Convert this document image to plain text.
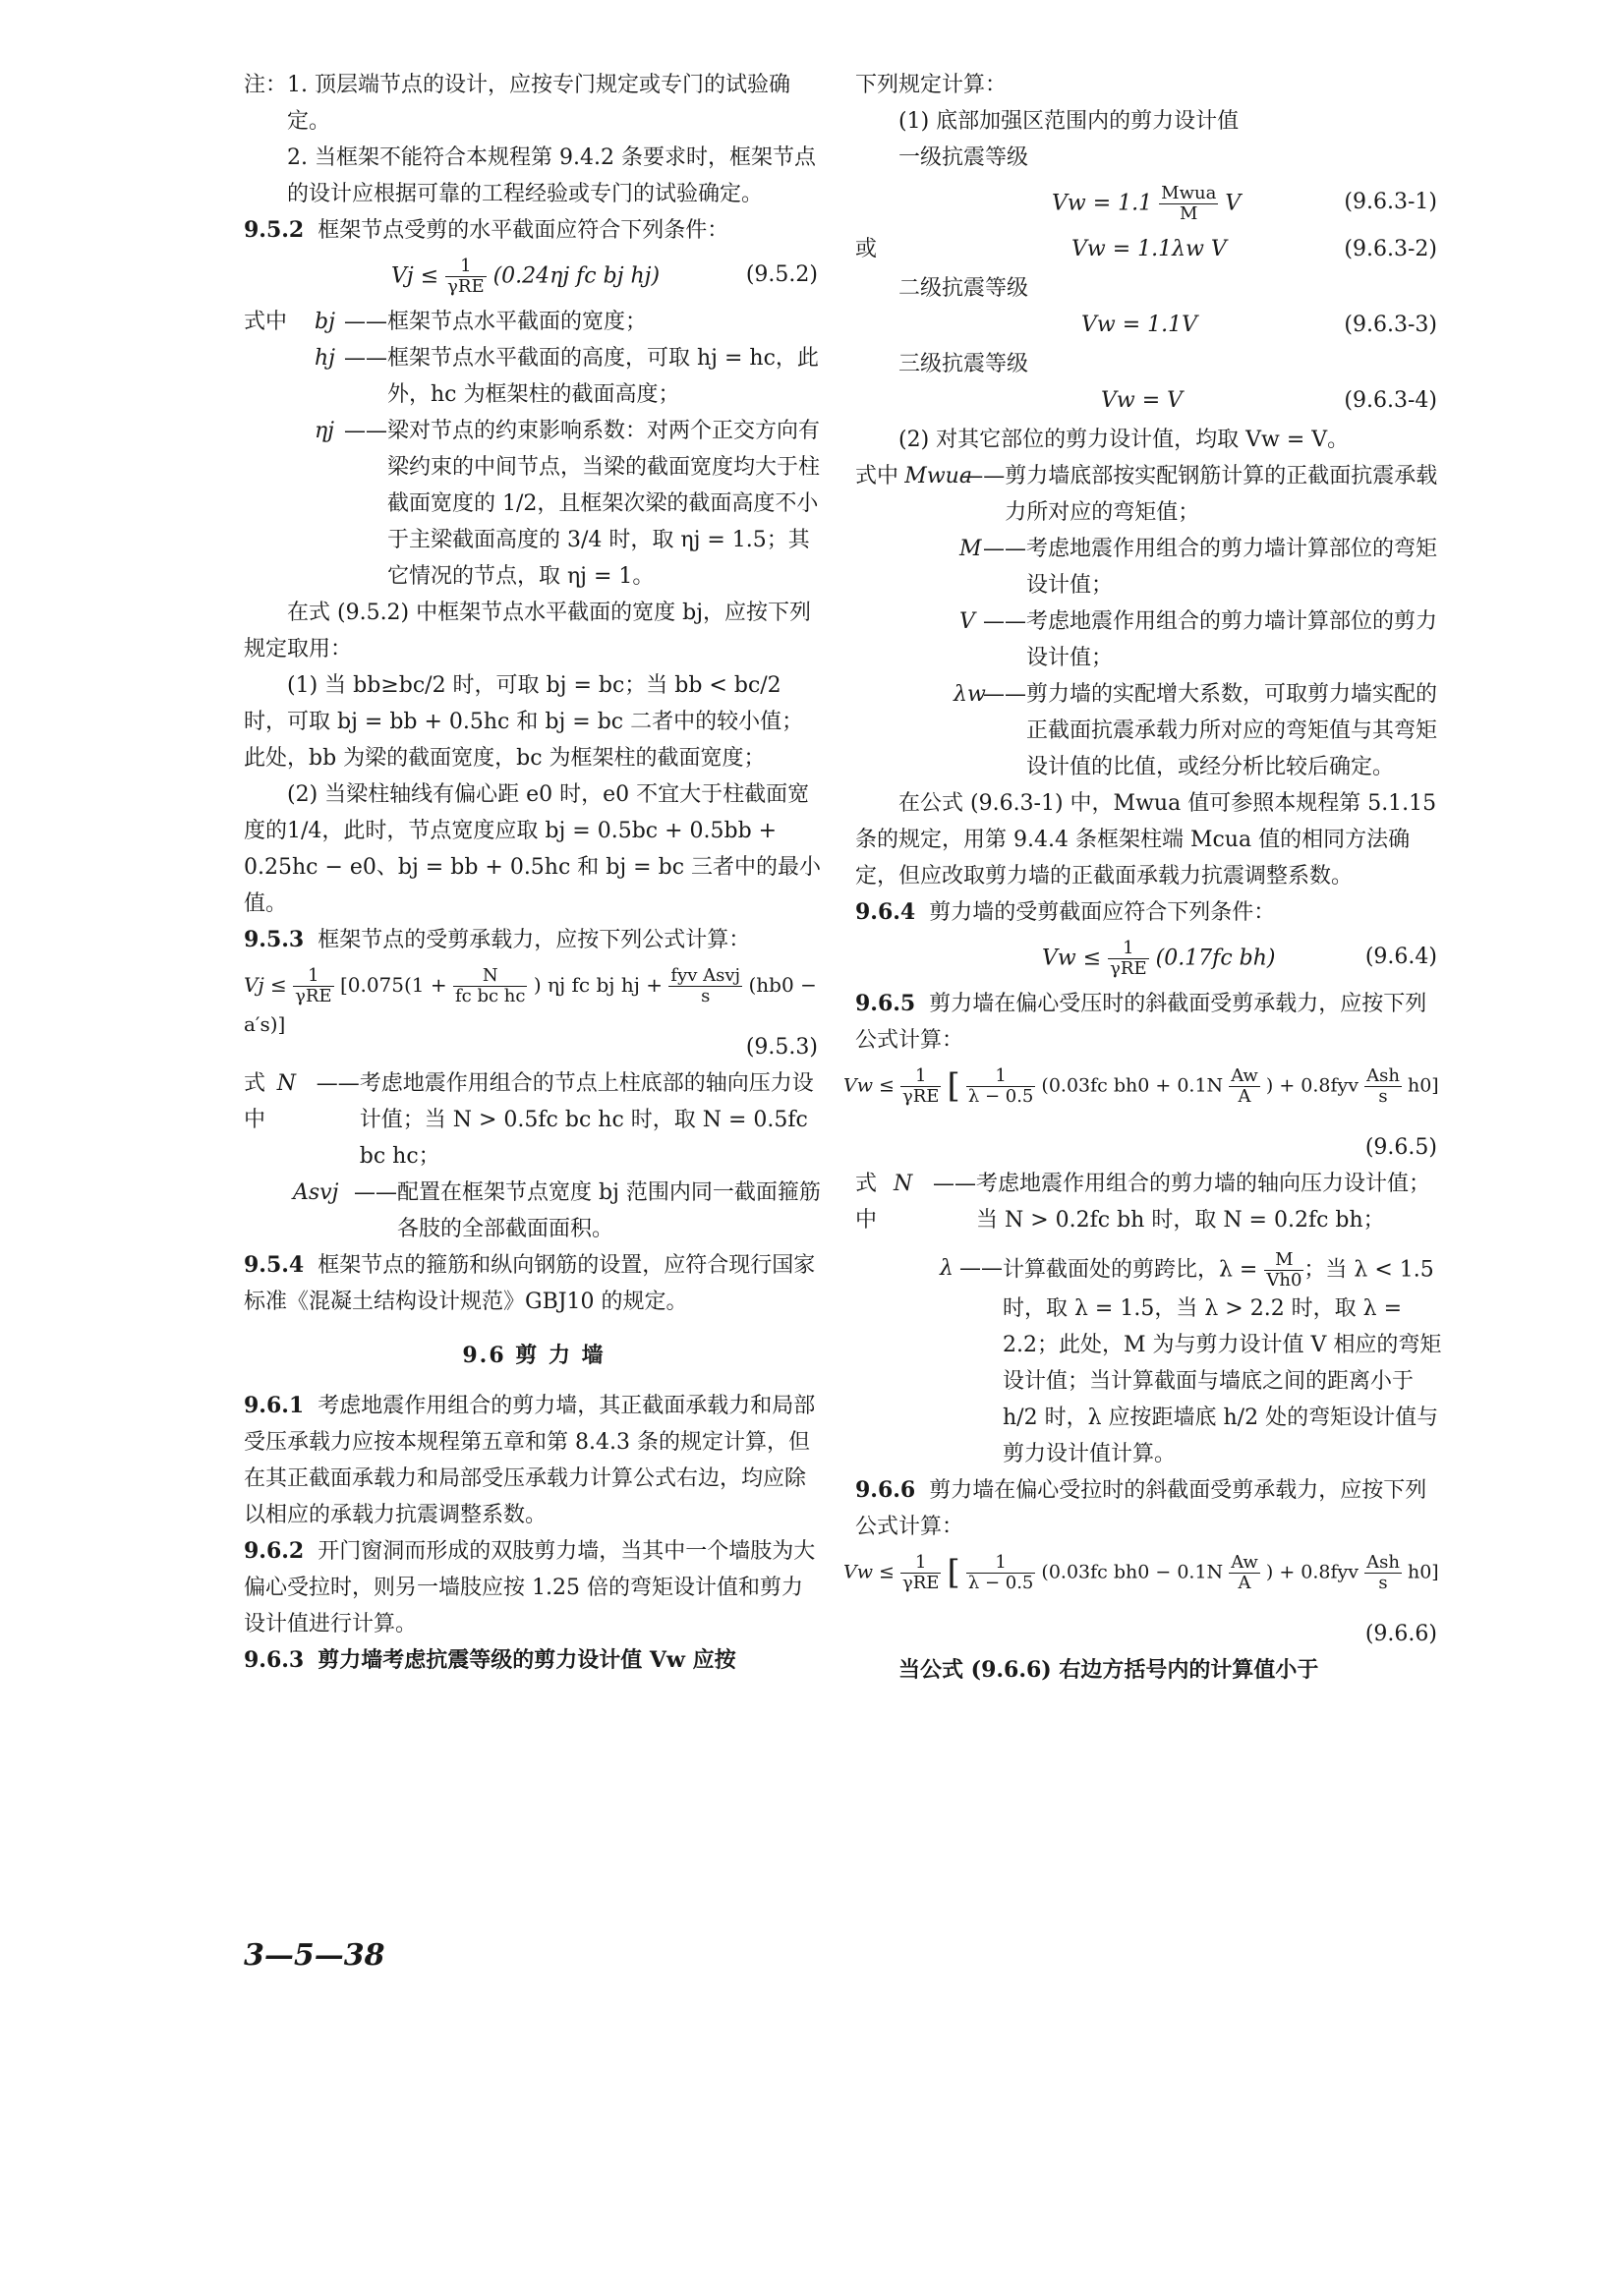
注： 1. 顶层端节点的设计，应按专门规定或专门的试验确定。

2. 当框架不能符合本规程第 9.4.2 条要求时，框架节点的设计应根据可靠的工程经验或专门的试验确定。

9.5.2 框架节点受剪的水平截面应符合下列条件：

$Vj \le \frac{1}{\text{γRE}} (0.24\eta j$ fc bj hj)	(9.5.2)
式中	bj —— 框架节点水平截面的宽度；
hj —— 框架节点水平截面的高度，可取 hj = hc，此外，hc 为框架柱的截面高度；
ηj —— 梁对节点的约束影响系数：对两个正交方向有梁约束的中间节点，当梁的截面宽度均大于柱截面宽度的 1/2，且框架次梁的截面高度不小于主梁截面高度的 3/4 时，取 ηj = 1.5；其它情况的节点，取 ηj = 1。

在式 (9.5.2) 中框架节点水平截面的宽度 bj，应按下列规定取用：

(1) 当 bb≥bc/2 时，可取 bj = bc；当 bb < bc/2 时，可取 bj = bb + 0.5hc 和 bj = bc 二者中的较小值；此处，bb 为梁的截面宽度，bc 为框架柱的截面宽度；

(2) 当梁柱轴线有偏心距 e0 时，e0 不宜大于柱截面宽度的1/4，此时，节点宽度应取 bj = 0.5bc + 0.5bb + 0.25hc − e0、bj = bb + 0.5hc 和 bj = bc 三者中的最小值。

9.5.3 框架节点的受剪承载力，应按下列公式计算：

$Vj \le \frac{1}{\text{γRE}} [0.075(1 + \frac{N}{\text{fc bc hc}}$ ) ηj fc bj hj + $\frac{\text{fyv Asvj}}{s} (hb0 - a's)$]

(9.5.3)

式中
N —— 考虑地震作用组合的节点上柱底部的轴向压力设计值；当 N > 0.5fc bc hc 时，取 N = 0.5fc bc hc；
Asvj —— 配置在框架节点宽度 bj 范围内同一截面箍筋各肢的全部截面面积。

9.5.4 框架节点的箍筋和纵向钢筋的设置，应符合现行国家标准《混凝土结构设计规范》GBJ10 的规定。

9.6 剪 力 墙

9.6.1 考虑地震作用组合的剪力墙，其正截面承载力和局部受压承载力应按本规程第五章和第 8.4.3 条的规定计算，但在其正截面承载力和局部受压承载力计算公式右边，均应除以相应的承载力抗震调整系数。

9.6.2 开门窗洞而形成的双肢剪力墙，当其中一个墙肢为大偏心受拉时，则另一墙肢应按 1.25 倍的弯矩设计值和剪力设计值进行计算。

9.6.3 剪力墙考虑抗震等级的剪力设计值 Vw 应按

下列规定计算：

(1) 底部加强区范围内的剪力设计值

一级抗震等级

$Vw = 1.1 \frac{\text{Mwua}}{M}$ V	(9.6.3-1)
或	Vw = 1.1λw V	(9.6.3-2)

二级抗震等级

Vw = 1.1V	(9.6.3-3)

三级抗震等级

Vw = V	(9.6.3-4)

(2) 对其它部位的剪力设计值，均取 Vw = V。

式中 Mwua
—— 剪力墙底部按实配钢筋计算的正截面抗震承载力所对应的弯矩值；
M —— 考虑地震作用组合的剪力墙计算部位的弯矩设计值；
V —— 考虑地震作用组合的剪力墙计算部位的剪力设计值；
λw
—— 剪力墙的实配增大系数，可取剪力墙实配的正截面抗震承载力所对应的弯矩值与其弯矩设计值的比值，或经分析比较后确定。

在公式 (9.6.3-1) 中，Mwua 值可参照本规程第 5.1.15 条的规定，用第 9.4.4 条框架柱端 Mcua 值的相同方法确定，但应改取剪力墙的正截面承载力抗震调整系数。

9.6.4 剪力墙的受剪截面应符合下列条件：

$Vw \le \frac{1}{\text{γRE}} (0.17fc$ bh)	(9.6.4)

9.6.5 剪力墙在偏心受压时的斜截面受剪承载力，应按下列公式计算：

$Vw \le \frac{1}{\text{γRE}}$ [ $\frac{1}{\lambda - 0.5} (0.03fc$ $bh0 + 0.1N \frac{Aw}{A}$ ) + $0.8fyv \frac{\text{Ash}}{s} h0$]

(9.6.5)

式中
N —— 考虑地震作用组合的剪力墙的轴向压力设计值；当 N > 0.2fc bh 时，取 N = 0.2fc bh；
λ —— 计算截面处的剪跨比，$\lambda = \frac{M}{Vh0}$ ；当 λ < 1.5 时，取 λ = 1.5，当 λ > 2.2 时，取 λ = 2.2；此处，M 为与剪力设计值 V 相应的弯矩设计值；当计算截面与墙底之间的距离小于 h/2 时，λ 应按距墙底 h/2 处的弯矩设计值与剪力设计值计算。

9.6.6 剪力墙在偏心受拉时的斜截面受剪承载力，应按下列公式计算：

$Vw \le \frac{1}{\text{γRE}}$ [ $\frac{1}{\lambda - 0.5} (0.03fc$ $bh0 - 0.1N \frac{Aw}{A}$ ) + $0.8fyv \frac{\text{Ash}}{s} h0$]

(9.6.6)

当公式 (9.6.6) 右边方括号内的计算值小于

3—5—38
